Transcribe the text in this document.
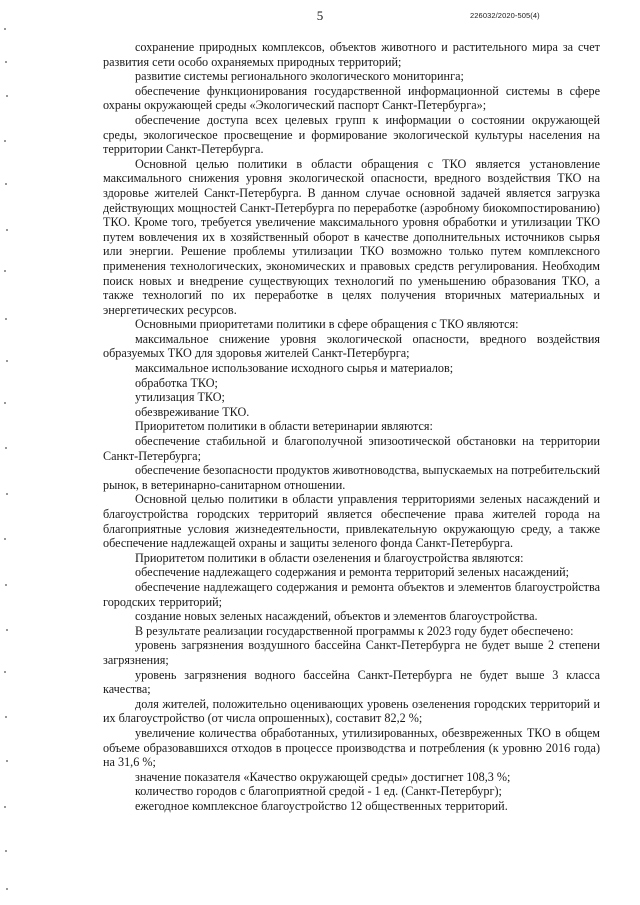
5	226032/2020-505(4)

сохранение природных комплексов, объектов животного и растительного мира за счет развития сети особо охраняемых природных территорий;

развитие системы регионального экологического мониторинга;

обеспечение функционирования государственной информационной системы в сфере охраны окружающей среды «Экологический паспорт Санкт-Петербурга»;

обеспечение доступа всех целевых групп к информации о состоянии окружающей среды, экологическое просвещение и формирование экологической культуры населения на территории Санкт-Петербурга.

Основной целью политики в области обращения с ТКО является установление максимального снижения уровня экологической опасности, вредного воздействия ТКО на здоровье жителей Санкт-Петербурга. В данном случае основной задачей является загрузка действующих мощностей Санкт-Петербурга по переработке (аэробному биокомпостированию) ТКО. Кроме того, требуется увеличение максимального уровня обработки и утилизации ТКО путем вовлечения их в хозяйственный оборот в качестве дополнительных источников сырья или энергии. Решение проблемы утилизации ТКО возможно только путем комплексного применения технологических, экономических и правовых средств регулирования. Необходим поиск новых и внедрение существующих технологий по уменьшению образования ТКО, а также технологий по их переработке в целях получения вторичных материальных и энергетических ресурсов.

Основными приоритетами политики в сфере обращения с ТКО являются:

максимальное снижение уровня экологической опасности, вредного воздействия образуемых ТКО для здоровья жителей Санкт-Петербурга;

максимальное использование исходного сырья и материалов;

обработка ТКО;

утилизация ТКО;

обезвреживание ТКО.

Приоритетом политики в области ветеринарии являются:

обеспечение стабильной и благополучной эпизоотической обстановки на территории Санкт-Петербурга;

обеспечение безопасности продуктов животноводства, выпускаемых на потребительский рынок, в ветеринарно-санитарном отношении.

Основной целью политики в области управления территориями зеленых насаждений и благоустройства городских территорий является обеспечение права жителей города на благоприятные условия жизнедеятельности, привлекательную окружающую среду, а также обеспечение надлежащей охраны и защиты зеленого фонда Санкт-Петербурга.

Приоритетом политики в области озеленения и благоустройства являются:

обеспечение надлежащего содержания и ремонта территорий зеленых насаждений;

обеспечение надлежащего содержания и ремонта объектов и элементов благоустройства городских территорий;

создание новых зеленых насаждений, объектов и элементов благоустройства.

В результате реализации государственной программы к 2023 году будет обеспечено:

уровень загрязнения воздушного бассейна Санкт-Петербурга не будет выше 2 степени загрязнения;

уровень загрязнения водного бассейна Санкт-Петербурга не будет выше 3 класса качества;

доля жителей, положительно оценивающих уровень озеленения городских территорий и их благоустройство (от числа опрошенных), составит 82,2 %;

увеличение количества обработанных, утилизированных, обезвреженных ТКО в общем объеме образовавшихся отходов в процессе производства и потребления (к уровню 2016 года) на 31,6 %;

значение показателя «Качество окружающей среды» достигнет 108,3 %;

количество городов с благоприятной средой - 1 ед. (Санкт-Петербург);

ежегодное комплексное благоустройство 12 общественных территорий.
